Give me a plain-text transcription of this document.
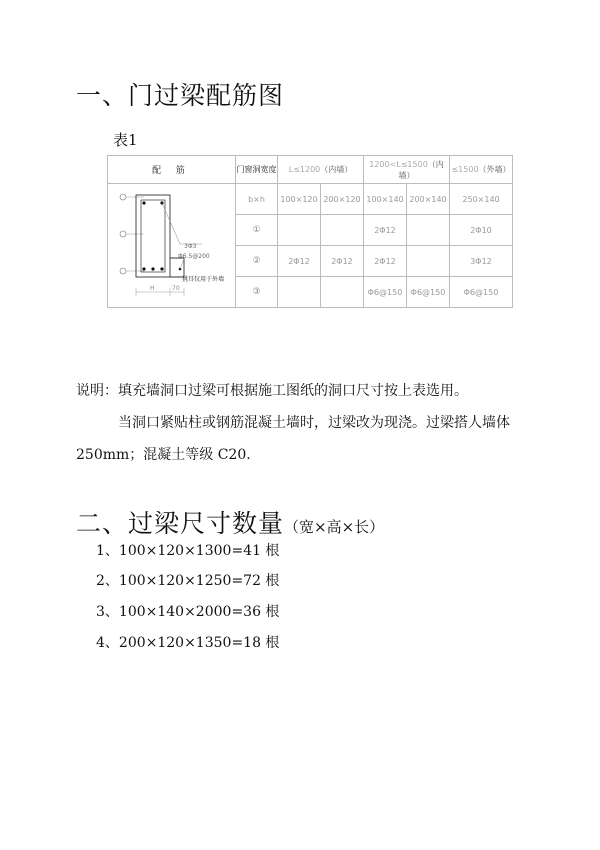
一、门过梁配筋图
表1
配 筋	门窗洞宽度	L≤1200（内墙）		1200<L≤1500（内墙）		≤1500（外墙）

3Φ3
Φ6.5@200
挑耳仅用于外墙
H 70	b×h	100×120	200×120	100×140	200×140	250×140
	①			2Φ12		2Φ10
	②	2Φ12	2Φ12	2Φ12		3Φ12
	③			Φ6@150	Φ6@150	Φ6@150
说明：填充墙洞口过梁可根据施工图纸的洞口尺寸按上表选用。
当洞口紧贴柱或钢筋混凝土墙时，过梁改为现浇。过梁搭人墙体
250mm；混凝土等级 C20.
二、过梁尺寸数量（宽×高×长）
1、100×120×1300=41 根
2、100×120×1250=72 根
3、100×140×2000=36 根
4、200×120×1350=18 根
